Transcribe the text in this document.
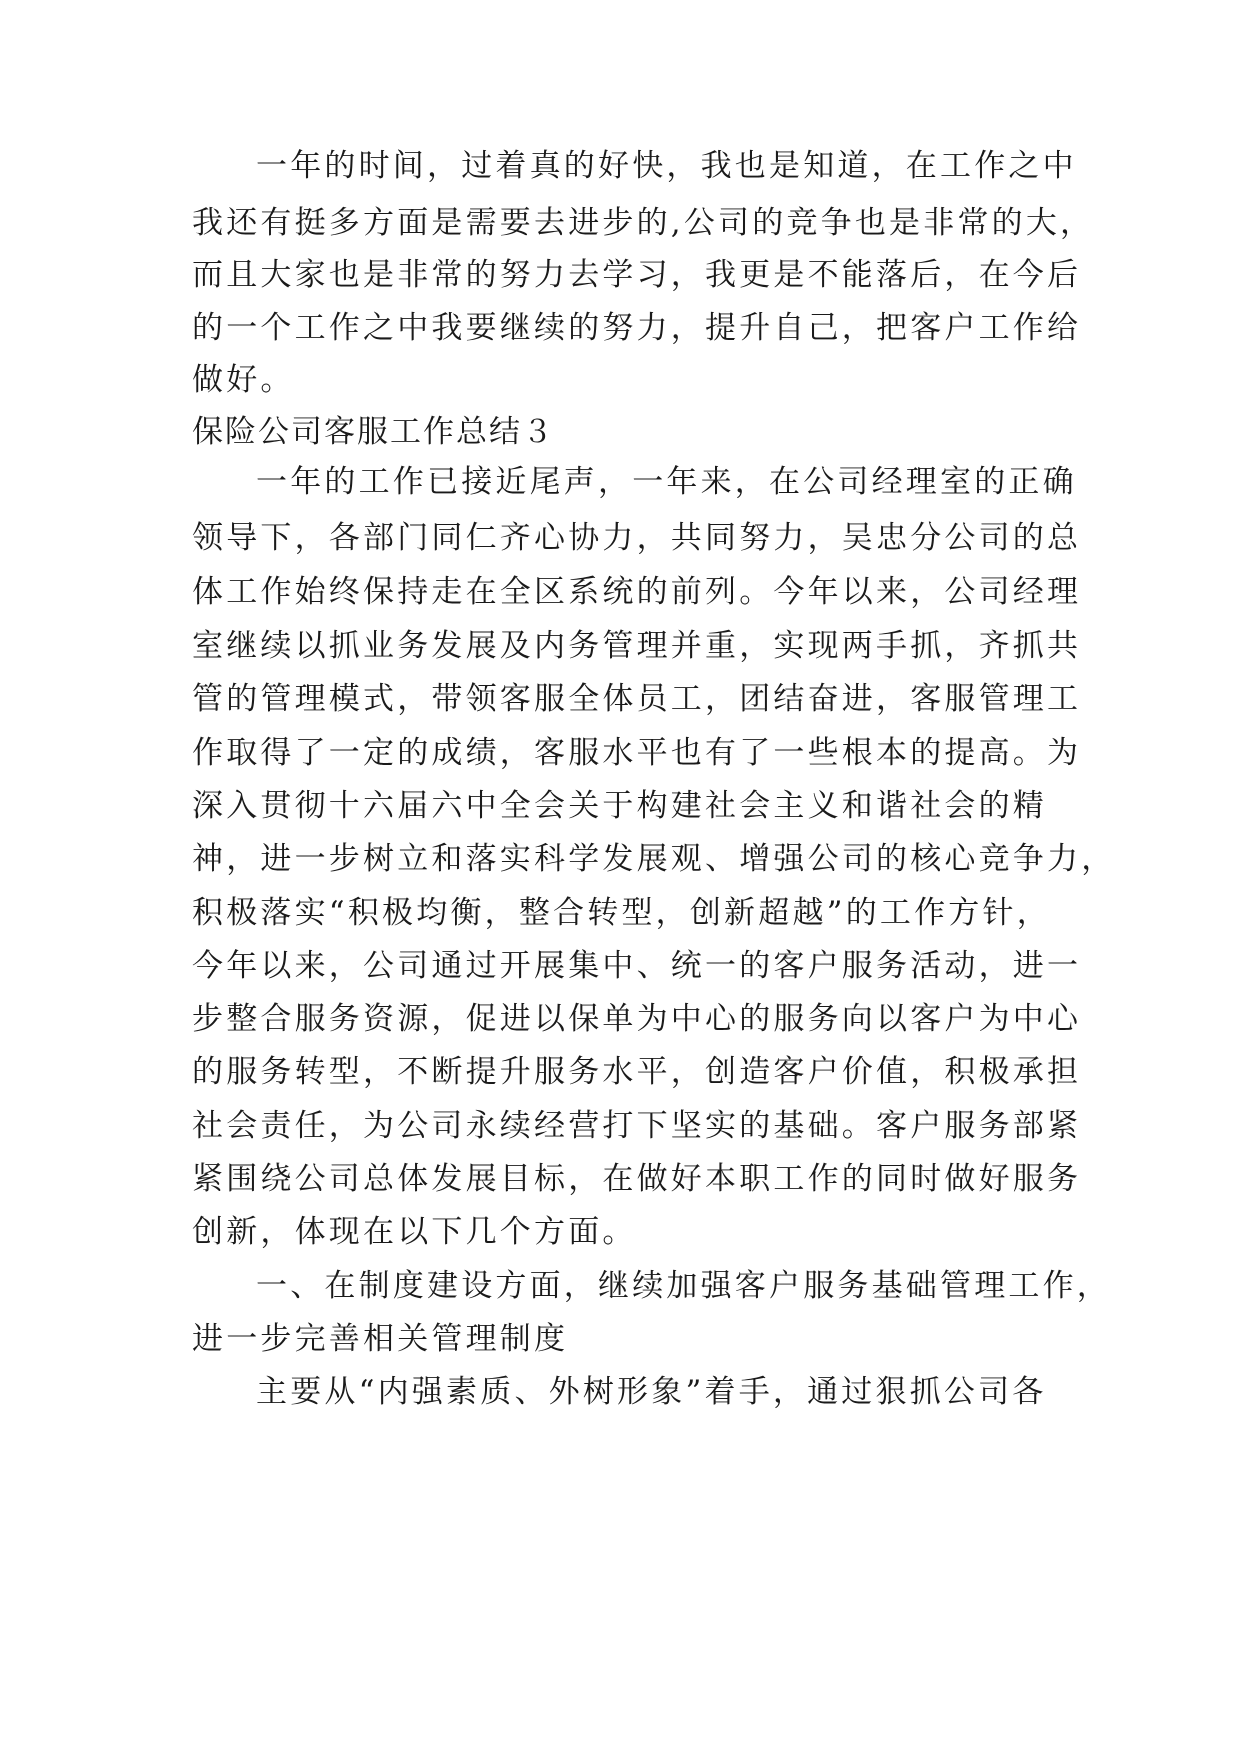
一年的时间，过着真的好快，我也是知道，在工作之中
我还有挺多方面是需要去进步的,公司的竞争也是非常的大，
而且大家也是非常的努力去学习，我更是不能落后，在今后
的一个工作之中我要继续的努力，提升自己，把客户工作给
做好。
保险公司客服工作总结３
一年的工作已接近尾声，一年来，在公司经理室的正确
领导下，各部门同仁齐心协力，共同努力，吴忠分公司的总
体工作始终保持走在全区系统的前列。今年以来，公司经理
室继续以抓业务发展及内务管理并重，实现两手抓，齐抓共
管的管理模式，带领客服全体员工，团结奋进，客服管理工
作取得了一定的成绩，客服水平也有了一些根本的提高。为
深入贯彻十六届六中全会关于构建社会主义和谐社会的精
神，进一步树立和落实科学发展观、增强公司的核心竞争力，
积极落实“积极均衡，整合转型，创新超越”的工作方针，
今年以来，公司通过开展集中、统一的客户服务活动，进一
步整合服务资源，促进以保单为中心的服务向以客户为中心
的服务转型，不断提升服务水平，创造客户价值，积极承担
社会责任，为公司永续经营打下坚实的基础。客户服务部紧
紧围绕公司总体发展目标，在做好本职工作的同时做好服务
创新，体现在以下几个方面。
一、在制度建设方面，继续加强客户服务基础管理工作，
进一步完善相关管理制度
主要从“内强素质、外树形象”着手，通过狠抓公司各
